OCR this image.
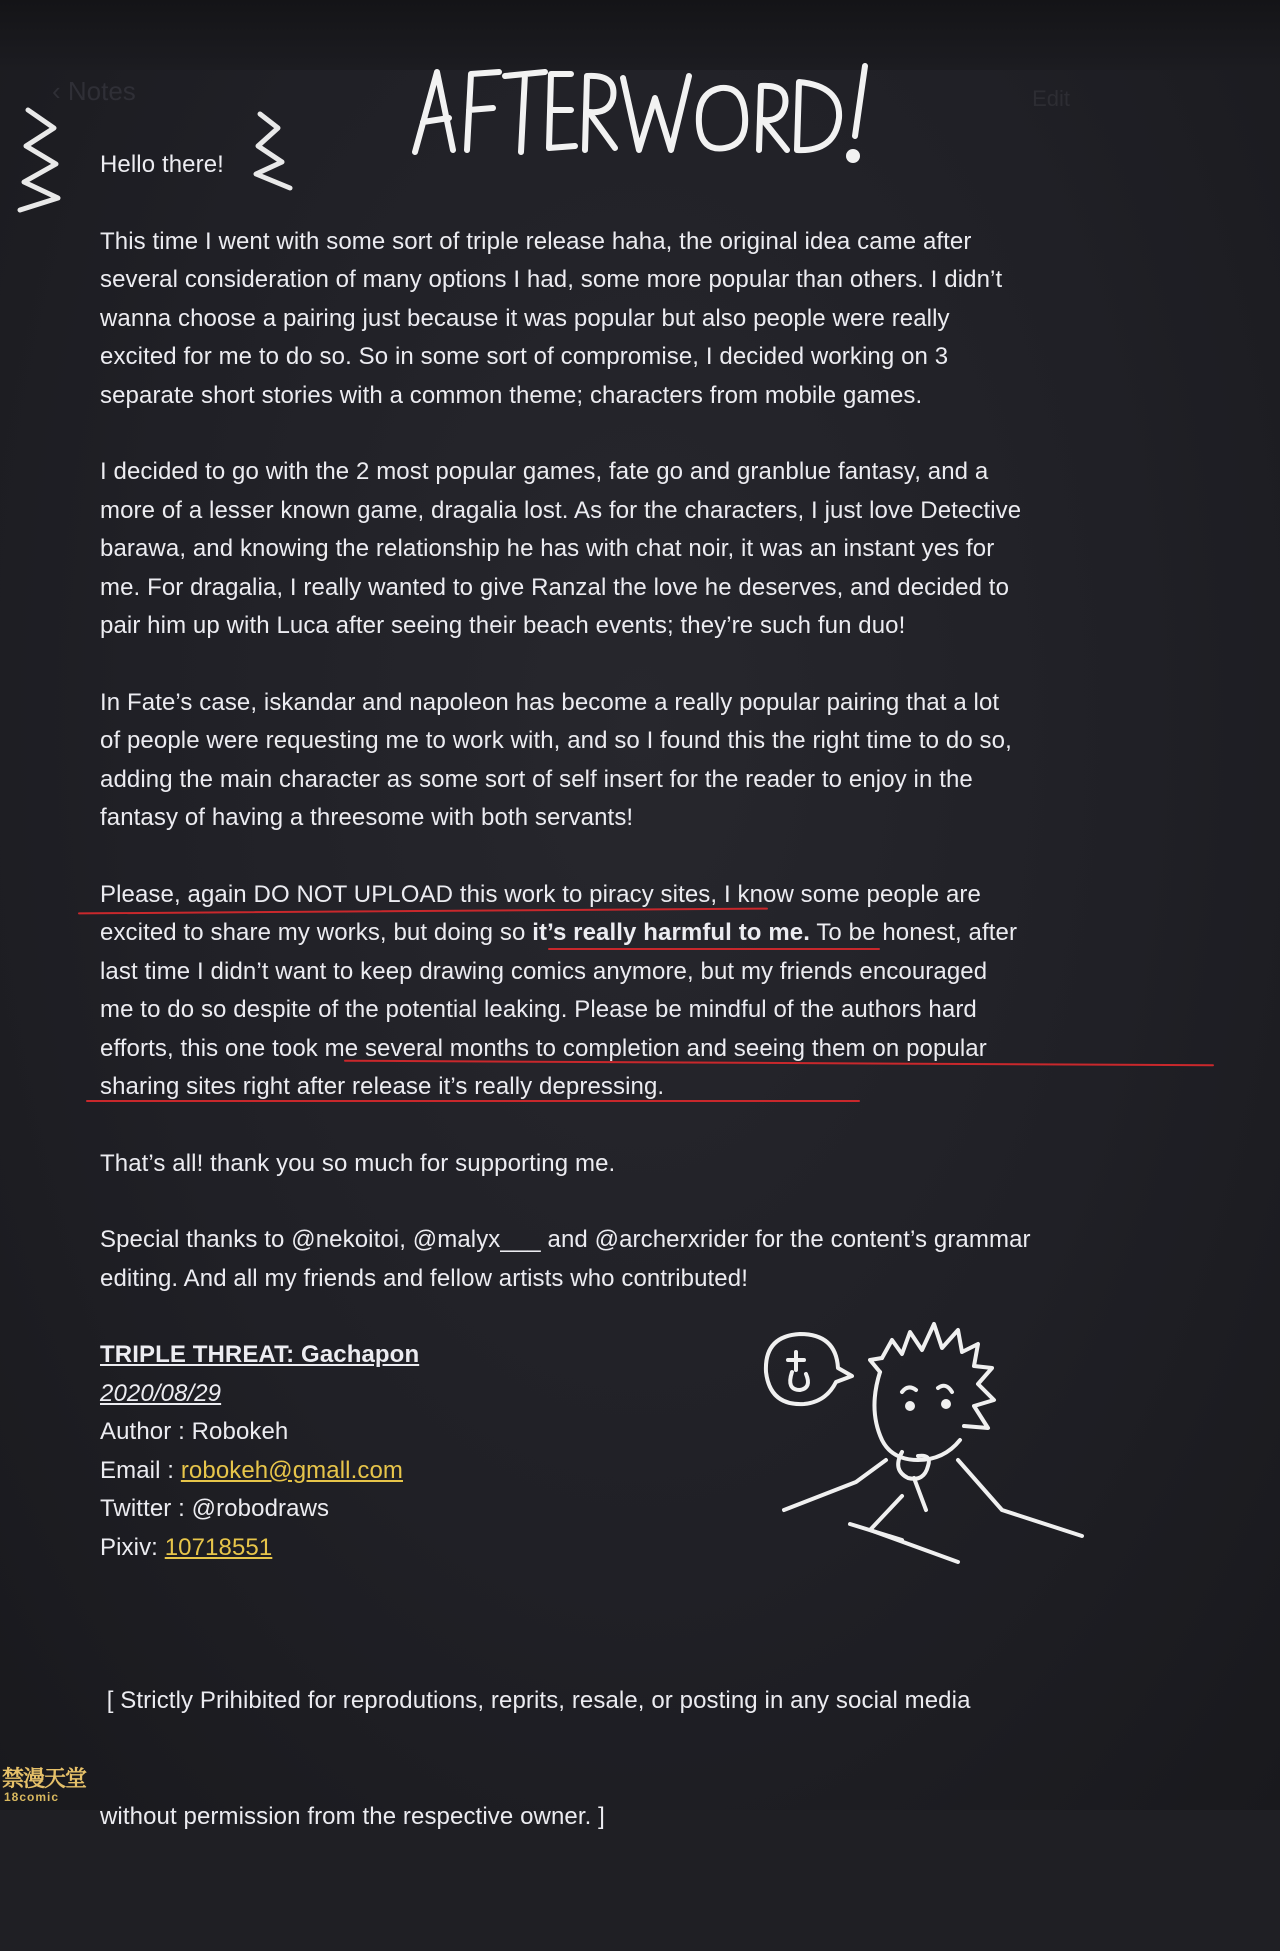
‹ Notes	Edit

Hello there!

This time I went with some sort of triple release haha, the original idea came after
several consideration of many options I had, some more popular than others. I didn’t
wanna choose a pairing just because it was popular but also people were really
excited for me to do so. So in some sort of compromise, I decided working on 3
separate short stories with a common theme; characters from mobile games.

I decided to go with the 2 most popular games, fate go and granblue fantasy, and a
more of a lesser known game, dragalia lost. As for the characters, I just love Detective
barawa, and knowing the relationship he has with chat noir, it was an instant yes for
me. For dragalia, I really wanted to give Ranzal the love he deserves, and decided to
pair him up with Luca after seeing their beach events; they’re such fun duo!

In Fate’s case, iskandar and napoleon has become a really popular pairing that a lot
of people were requesting me to work with, and so I found this the right time to do so,
adding the main character as some sort of self insert for the reader to enjoy in the
fantasy of having a threesome with both servants!

Please, again DO NOT UPLOAD this work to piracy sites, I know some people are
excited to share my works, but doing so it’s really harmful to me. To be honest, after
last time I didn’t want to keep drawing comics anymore, but my friends encouraged
me to do so despite of the potential leaking. Please be mindful of the authors hard
efforts, this one took me several months to completion and seeing them on popular
sharing sites right after release it’s really depressing.

That’s all! thank you so much for supporting me.

Special thanks to @nekoitoi, @malyx___ and @archerxrider for the content’s grammar
editing. And all my friends and fellow artists who contributed!

TRIPLE THREAT: Gachapon
2020/08/29
Author : Robokeh
Email : robokeh@gmall.com
Twitter : @robodraws
Pixiv: 10718551

[ Strictly Prihibited for reprodutions, reprits, resale, or posting in any social media

without permission from the respective owner. ]

禁漫天堂
18comic
